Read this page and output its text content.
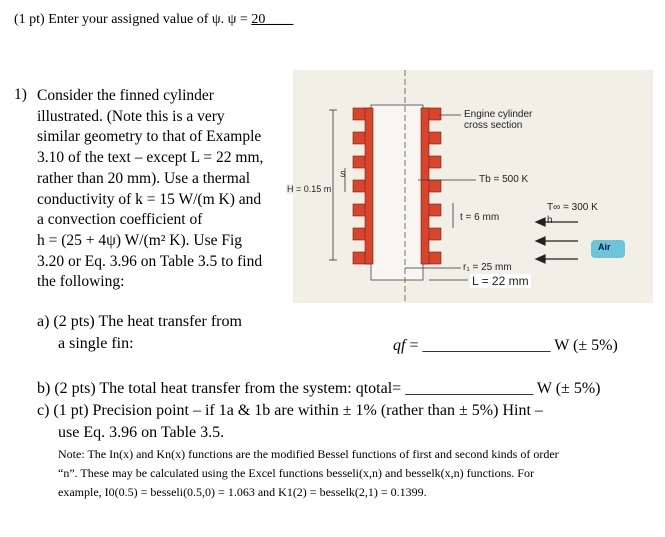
(1 pt) Enter your assigned value of ψ. ψ = 20____
1) Consider the finned cylinder
illustrated. (Note this is a very
similar geometry to that of Example
3.10 of the text – except L = 22 mm,
rather than 20 mm). Use a thermal
conductivity of k = 15 W/(m K) and
a convection coefficient of
h = (25 + 4ψ) W/(m² K). Use Fig
3.20 or Eq. 3.96 on Table 3.5 to find
the following:
Engine cylinder
cross section
Tb = 500 K
t = 6 mm
T∞ = 300 K
h
Air
S
r₁ = 25 mm
L = 22 mm
H = 0.15 m
a) (2 pts) The heat transfer from
a single fin:	qf = ________________ W (± 5%)
b) (2 pts) The total heat transfer from the system: qtotal= ________________ W (± 5%)
c) (1 pt) Precision point – if 1a & 1b are within ± 1% (rather than ± 5%) Hint –
use Eq. 3.96 on Table 3.5.
Note: The In(x) and Kn(x) functions are the modified Bessel functions of first and second kinds of order
“n”. These may be calculated using the Excel functions besseli(x,n) and besselk(x,n) functions. For
example, I0(0.5) = besseli(0.5,0) = 1.063 and K1(2) = besselk(2,1) = 0.1399.
